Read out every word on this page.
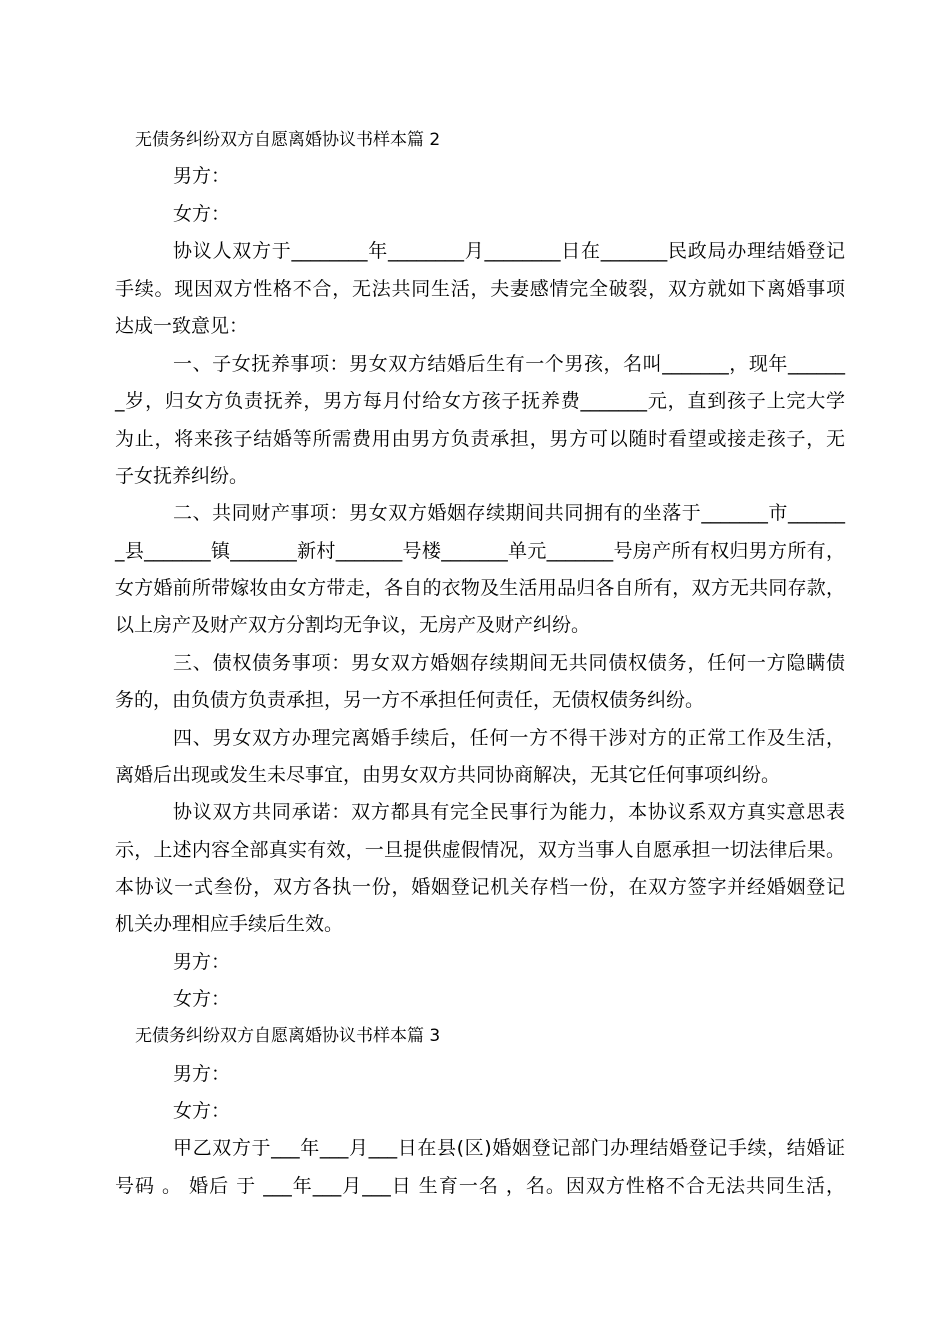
无债务纠纷双方自愿离婚协议书样本篇 2
男方：
女方：
协议人双方于________年________月________日在_______民政局办理结婚登记
手续。现因双方性格不合，无法共同生活，夫妻感情完全破裂，双方就如下离婚事项
达成一致意见：
一、子女抚养事项：男女双方结婚后生有一个男孩，名叫_______，现年______
_岁，归女方负责抚养，男方每月付给女方孩子抚养费_______元，直到孩子上完大学
为止，将来孩子结婚等所需费用由男方负责承担，男方可以随时看望或接走孩子，无
子女抚养纠纷。
二、共同财产事项：男女双方婚姻存续期间共同拥有的坐落于_______市______
_县_______镇_______新村_______号楼_______单元_______号房产所有权归男方所有，
女方婚前所带嫁妆由女方带走，各自的衣物及生活用品归各自所有，双方无共同存款，
以上房产及财产双方分割均无争议，无房产及财产纠纷。
三、债权债务事项：男女双方婚姻存续期间无共同债权债务，任何一方隐瞒债
务的，由负债方负责承担，另一方不承担任何责任，无债权债务纠纷。
四、男女双方办理完离婚手续后，任何一方不得干涉对方的正常工作及生活，
离婚后出现或发生未尽事宜，由男女双方共同协商解决，无其它任何事项纠纷。
协议双方共同承诺：双方都具有完全民事行为能力，本协议系双方真实意思表
示，上述内容全部真实有效，一旦提供虚假情况，双方当事人自愿承担一切法律后果。
本协议一式叁份，双方各执一份，婚姻登记机关存档一份，在双方签字并经婚姻登记
机关办理相应手续后生效。
男方：
女方：
无债务纠纷双方自愿离婚协议书样本篇 3
男方：
女方：
甲乙双方于___年___月___日在县(区)婚姻登记部门办理结婚登记手续，结婚证
号码 。 婚后 于 ___年___月___日 生育一名 ，名。因双方性格不合无法共同生活，
